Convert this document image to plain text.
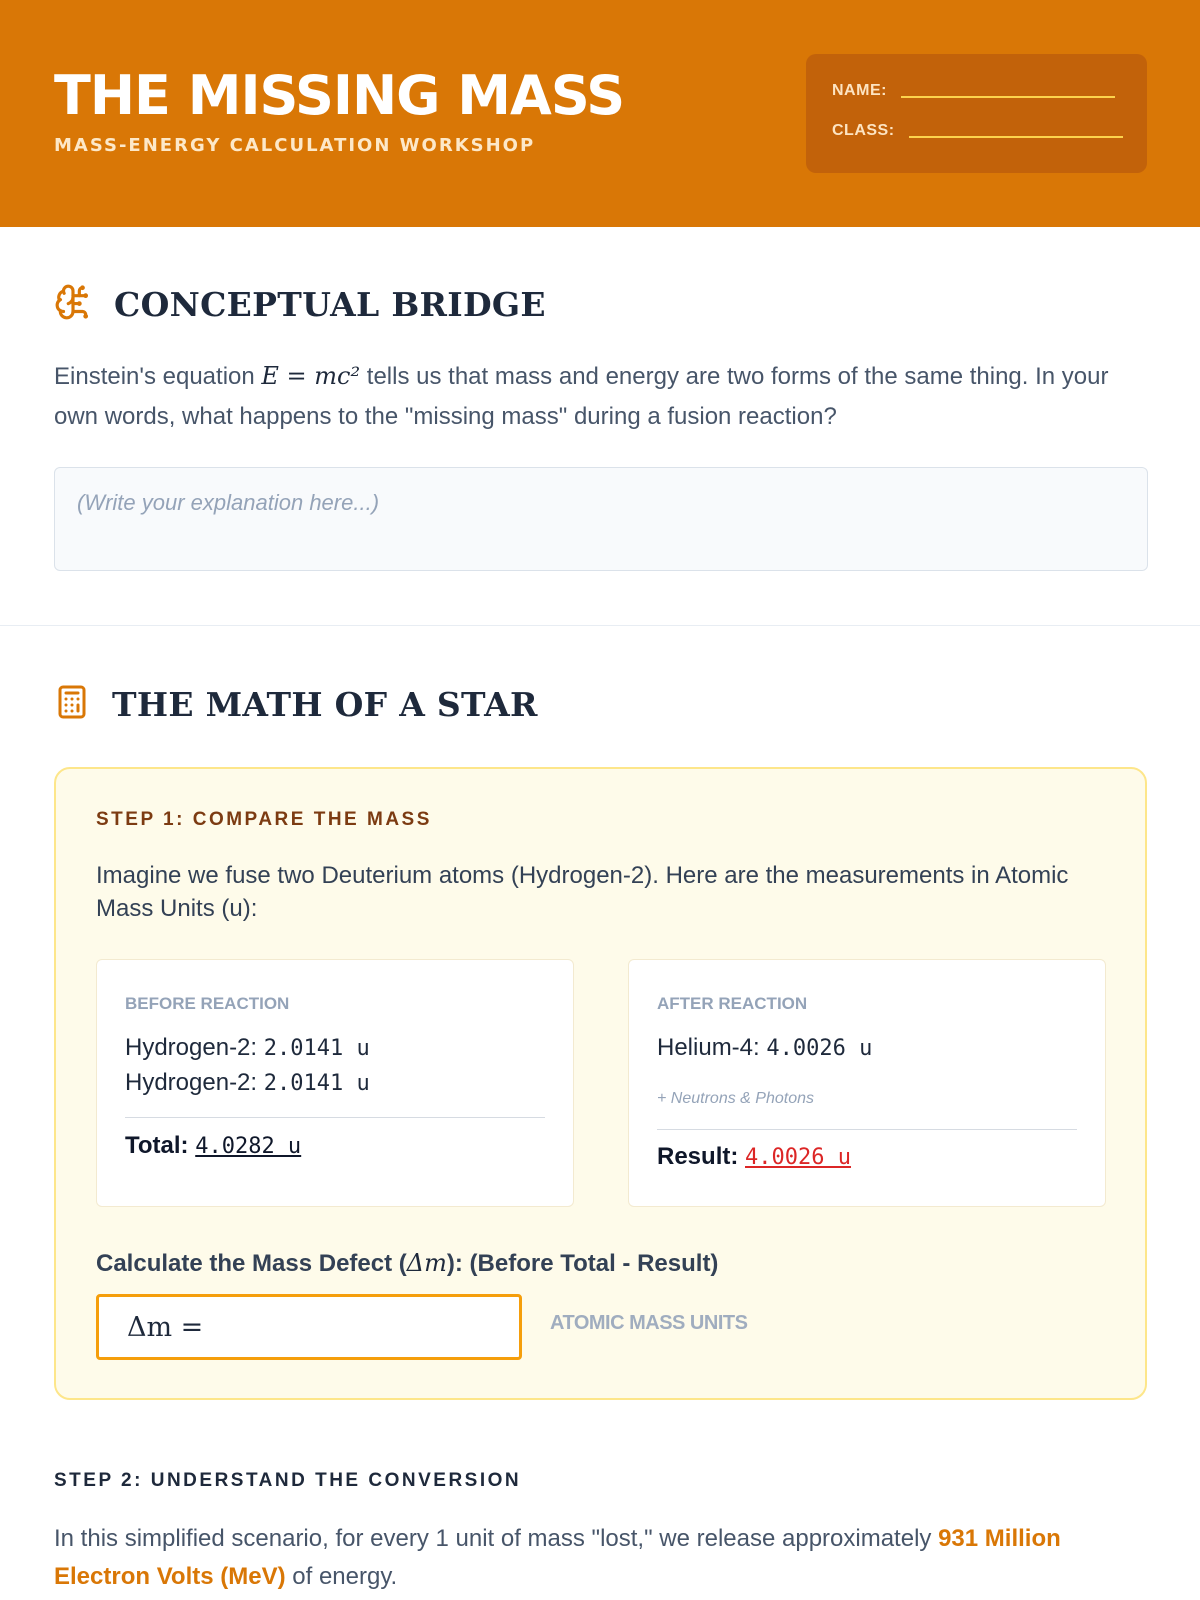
THE MISSING MASS
MASS-ENERGY CALCULATION WORKSHOP
NAME:
CLASS:
CONCEPTUAL BRIDGE
Einstein's equation E = mc² tells us that mass and energy are two forms of the same thing. In your own words, what happens to the "missing mass" during a fusion reaction?
(Write your explanation here...)
THE MATH OF A STAR
STEP 1: COMPARE THE MASS
Imagine we fuse two Deuterium atoms (Hydrogen-2). Here are the measurements in Atomic Mass Units (u):
BEFORE REACTION
Hydrogen-2: 2.0141 u
Hydrogen-2: 2.0141 u
Total: 4.0282 u
AFTER REACTION
Helium-4: 4.0026 u
+ Neutrons & Photons
Result: 4.0026 u
Calculate the Mass Defect (Δm): (Before Total - Result)
Δm =	ATOMIC MASS UNITS
STEP 2: UNDERSTAND THE CONVERSION
In this simplified scenario, for every 1 unit of mass "lost," we release approximately 931 Million Electron Volts (MeV) of energy.
